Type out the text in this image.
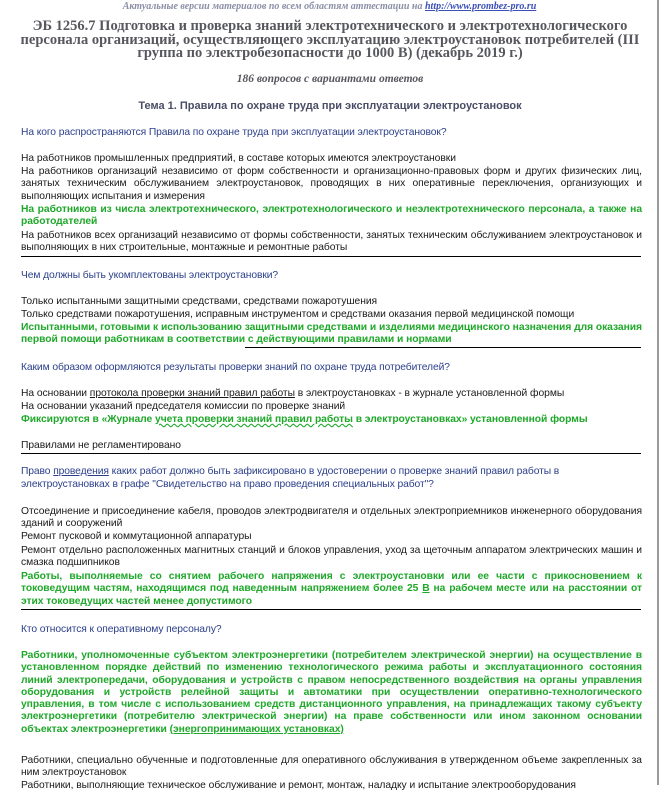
Актуальные версии материалов по всем областям аттестации на http://www.prombez-pro.ru
ЭБ 1256.7 Подготовка и проверка знаний электротехнического и электротехнологического персонала организаций, осуществляющего эксплуатацию электроустановок потребителей (III группа по электробезопасности до 1000 В) (декабрь 2019 г.)
186 вопросов с вариантами ответов
Тема 1. Правила по охране труда при эксплуатации электроустановок
На кого распространяются Правила по охране труда при эксплуатации электроустановок?
На работников промышленных предприятий, в составе которых имеются электроустановки
На работников организаций независимо от форм собственности и организационно-правовых форм и других физических лиц, занятых техническим обслуживанием электроустановок, проводящих в них оперативные переключения, организующих и выполняющих испытания и измерения
На работников из числа электротехнического, электротехнологического и неэлектротехнического персонала, а также на работодателей
На работников всех организаций независимо от формы собственности, занятых техническим обслуживанием электроустановок и выполняющих в них строительные, монтажные и ремонтные работы
Чем должны быть укомплектованы электроустановки?
Только испытанными защитными средствами, средствами пожаротушения
Только средствами пожаротушения, исправным инструментом и средствами оказания первой медицинской помощи
Испытанными, готовыми к использованию защитными средствами и изделиями медицинского назначения для оказания первой помощи работникам в соответствии с действующими правилами и нормами
Каким образом оформляются результаты проверки знаний по охране труда потребителей?
На основании протокола проверки знаний правил работы в электроустановках - в журнале установленной формы
На основании указаний председателя комиссии по проверке знаний
Фиксируются в «Журнале учета проверки знаний правил работы в электроустановках» установленной формы
Правилами не регламентировано
Право проведения каких работ должно быть зафиксировано в удостоверении о проверке знаний правил работы в электроустановках в графе "Свидетельство на право проведения специальных работ"?
Отсоединение и присоединение кабеля, проводов электродвигателя и отдельных электроприемников инженерного оборудования зданий и сооружений
Ремонт пусковой и коммутационной аппаратуры
Ремонт отдельно расположенных магнитных станций и блоков управления, уход за щеточным аппаратом электрических машин и смазка подшипников
Работы, выполняемые со снятием рабочего напряжения с электроустановки или ее части с прикосновением к токоведущим частям, находящимся под наведенным напряжением более 25 В на рабочем месте или на расстоянии от этих токоведущих частей менее допустимого
Кто относится к оперативному персоналу?
Работники, уполномоченные субъектом электроэнергетики (потребителем электрической энергии) на осуществление в установленном порядке действий по изменению технологического режима работы и эксплуатационного состояния линий электропередачи, оборудования и устройств с правом непосредственного воздействия на органы управления оборудования и устройств релейной защиты и автоматики при осуществлении оперативно-технологического управления, в том числе с использованием средств дистанционного управления, на принадлежащих такому субъекту электроэнергетики (потребителю электрической энергии) на праве собственности или ином законном основании объектах электроэнергетики (энергопринимающих установках)
Работники, специально обученные и подготовленные для оперативного обслуживания в утвержденном объеме закрепленных за ним электроустановок
Работники, выполняющие техническое обслуживание и ремонт, монтаж, наладку и испытание электрооборудования
